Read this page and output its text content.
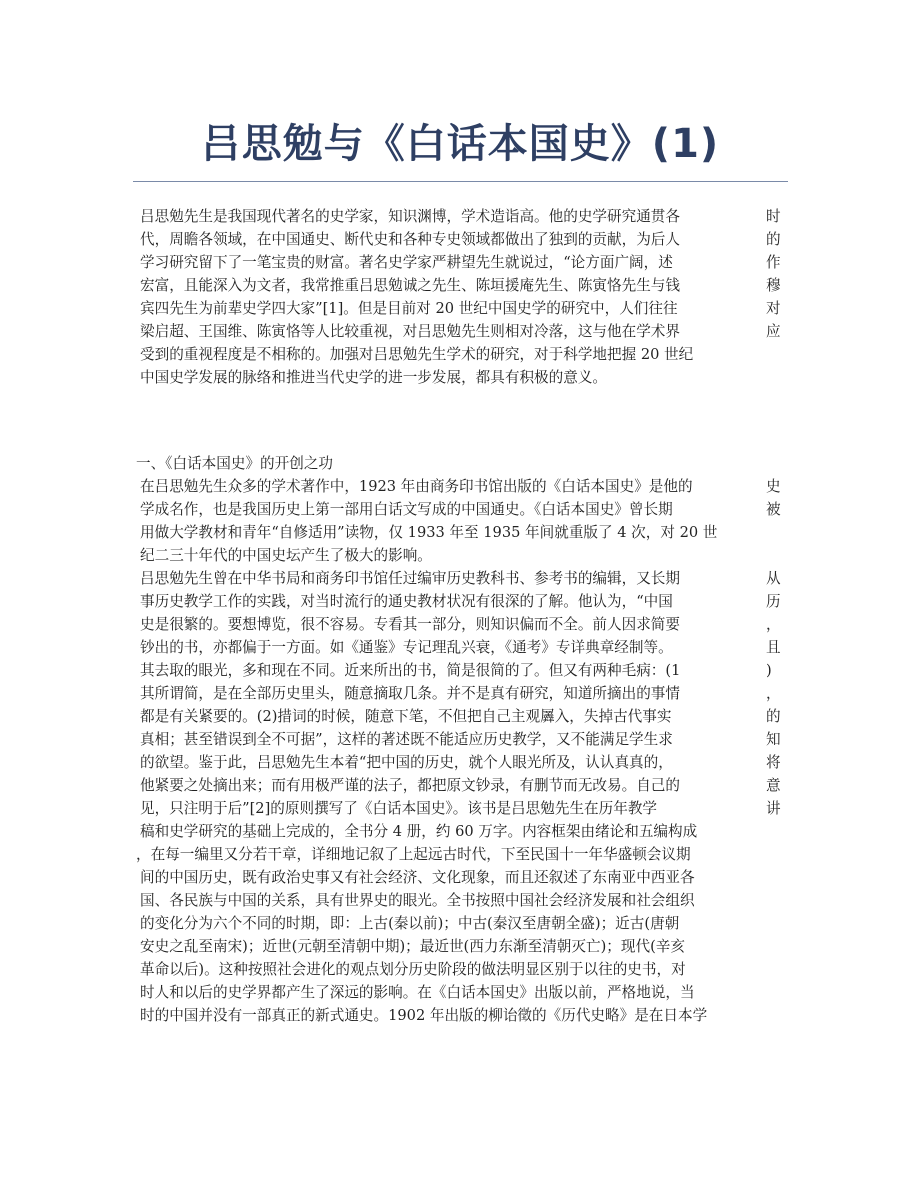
吕思勉与《白话本国史》(1)
吕思勉先生是我国现代著名的史学家，知识渊博，学术造诣高。他的史学研究通贯各	时
代，周瞻各领域，在中国通史、断代史和各种专史领域都做出了独到的贡献，为后人	的
学习研究留下了一笔宝贵的财富。著名史学家严耕望先生就说过，“论方面广阔，述	作
宏富，且能深入为文者，我常推重吕思勉诚之先生、陈垣援庵先生、陈寅恪先生与钱	穆
宾四先生为前辈史学四大家”[1]。但是目前对 20 世纪中国史学的研究中，人们往往	对
梁启超、王国维、陈寅恪等人比较重视，对吕思勉先生则相对冷落，这与他在学术界	应
受到的重视程度是不相称的。加强对吕思勉先生学术的研究，对于科学地把握 20 世纪
中国史学发展的脉络和推进当代史学的进一步发展，都具有积极的意义。
一、《白话本国史》的开创之功
在吕思勉先生众多的学术著作中，1923 年由商务印书馆出版的《白话本国史》是他的	史
学成名作，也是我国历史上第一部用白话文写成的中国通史。《白话本国史》曾长期	被
用做大学教材和青年“自修适用”读物，仅 1933 年至 1935 年间就重版了 4 次，对 20 世
纪二三十年代的中国史坛产生了极大的影响。
吕思勉先生曾在中华书局和商务印书馆任过编审历史教科书、参考书的编辑，又长期	从
事历史教学工作的实践，对当时流行的通史教材状况有很深的了解。他认为，“中国	历
史是很繁的。要想博览，很不容易。专看其一部分，则知识偏而不全。前人因求简要	，
钞出的书，亦都偏于一方面。如《通鉴》专记理乱兴衰，《通考》专详典章经制等。	且
其去取的眼光，多和现在不同。近来所出的书，简是很简的了。但又有两种毛病：(1	)
其所谓简，是在全部历史里头，随意摘取几条。并不是真有研究，知道所摘出的事情	，
都是有关紧要的。(2)措词的时候，随意下笔，不但把自己主观羼入，失掉古代事实	的
真相；甚至错误到全不可据”，这样的著述既不能适应历史教学，又不能满足学生求	知
的欲望。鉴于此，吕思勉先生本着“把中国的历史，就个人眼光所及，认认真真的，	将
他紧要之处摘出来；而有用极严谨的法子，都把原文钞录，有删节而无改易。自己的	意
见，只注明于后”[2]的原则撰写了《白话本国史》。该书是吕思勉先生在历年教学	讲
稿和史学研究的基础上完成的，全书分 4 册，约 60 万字。内容框架由绪论和五编构成
，在每一编里又分若干章，详细地记叙了上起远古时代，下至民国十一年华盛顿会议期
间的中国历史，既有政治史事又有社会经济、文化现象，而且还叙述了东南亚中西亚各
国、各民族与中国的关系，具有世界史的眼光。全书按照中国社会经济发展和社会组织
的变化分为六个不同的时期，即：上古(秦以前)；中古(秦汉至唐朝全盛)；近古(唐朝
安史之乱至南宋)；近世(元朝至清朝中期)；最近世(西力东渐至清朝灭亡)；现代(辛亥
革命以后)。这种按照社会进化的观点划分历史阶段的做法明显区别于以往的史书，对
时人和以后的史学界都产生了深远的影响。在《白话本国史》出版以前，严格地说，当
时的中国并没有一部真正的新式通史。1902 年出版的柳诒徵的《历代史略》是在日本学
